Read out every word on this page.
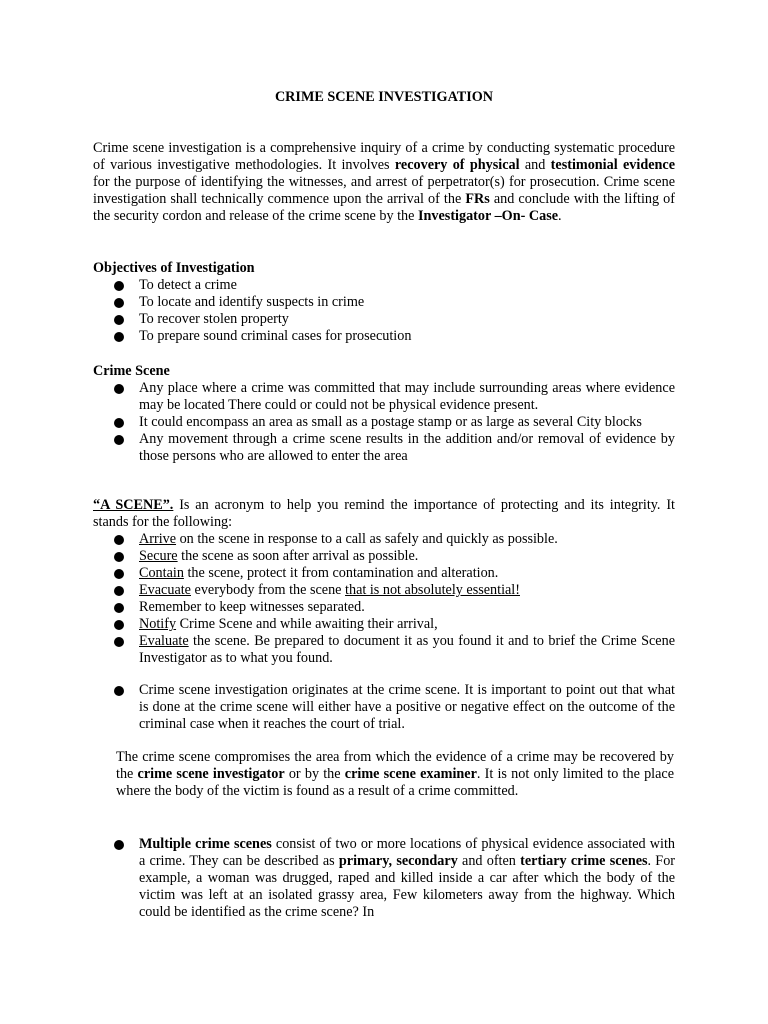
CRIME SCENE INVESTIGATION
Crime scene investigation is a comprehensive inquiry of a crime by conducting systematic procedure of various investigative methodologies. It involves recovery of physical and testimonial evidence for the purpose of identifying the witnesses, and arrest of perpetrator(s) for prosecution. Crime scene investigation shall technically commence upon the arrival of the FRs and conclude with the lifting of the security cordon and release of the crime scene by the Investigator –On- Case.
Objectives of Investigation
To detect a crime
To locate and identify suspects in crime
To recover stolen property
To prepare sound criminal cases for prosecution
Crime Scene
Any place where a crime was committed that may include surrounding areas where evidence may be located There could or could not be physical evidence present.
It could encompass an area as small as a postage stamp or as large as several City blocks
Any movement through a crime scene results in the addition and/or removal of evidence by those persons who are allowed to enter the area
“A SCENE”. Is an acronym to help you remind the importance of protecting and its integrity. It stands for the following:
Arrive on the scene in response to a call as safely and quickly as possible.
Secure the scene as soon after arrival as possible.
Contain the scene, protect it from contamination and alteration.
Evacuate everybody from the scene that is not absolutely essential!
Remember to keep witnesses separated.
Notify Crime Scene and while awaiting their arrival,
Evaluate the scene. Be prepared to document it as you found it and to brief the Crime Scene Investigator as to what you found.
Crime scene investigation originates at the crime scene. It is important to point out that what is done at the crime scene will either have a positive or negative effect on the outcome of the criminal case when it reaches the court of trial.
The crime scene compromises the area from which the evidence of a crime may be recovered by the crime scene investigator or by the crime scene examiner. It is not only limited to the place where the body of the victim is found as a result of a crime committed.
Multiple crime scenes consist of two or more locations of physical evidence associated with a crime. They can be described as primary, secondary and often tertiary crime scenes. For example, a woman was drugged, raped and killed inside a car after which the body of the victim was left at an isolated grassy area, Few kilometers away from the highway. Which could be identified as the crime scene? In
